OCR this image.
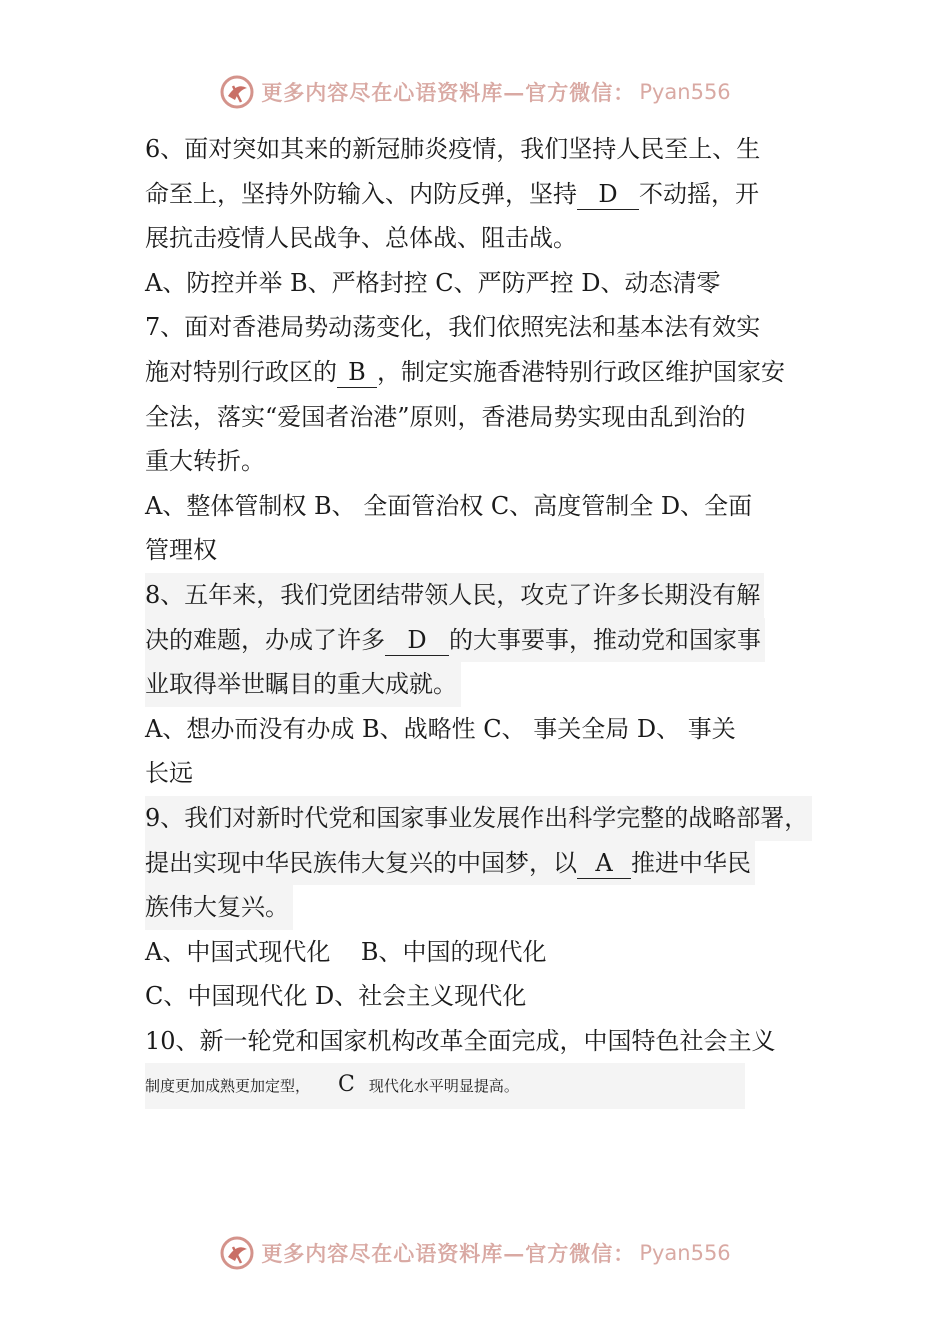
更多内容尽在心语资料库—官方微信： Pyan556
6、面对突如其来的新冠肺炎疫情，我们坚持人民至上、生
命至上，坚持外防输入、内防反弹，坚持 D 不动摇，开
展抗击疫情人民战争、总体战、阻击战。
A、防控并举 B、严格封控 C、严防严控 D、动态清零
7、面对香港局势动荡变化，我们依照宪法和基本法有效实
施对特别行政区的 B ，制定实施香港特别行政区维护国家安
全法，落实“爱国者治港”原则，香港局势实现由乱到治的
重大转折。
A、整体管制权 B、 全面管治权 C、高度管制全 D、全面
管理权
8、五年来，我们党团结带领人民，攻克了许多长期没有解
决的难题，办成了许多 D 的大事要事，推动党和国家事
业取得举世瞩目的重大成就。
A、想办而没有办成 B、战略性 C、 事关全局 D、 事关
长远
9、我们对新时代党和国家事业发展作出科学完整的战略部署，
提出实现中华民族伟大复兴的中国梦，以 A 推进中华民
族伟大复兴。
A、中国式现代化    B、中国的现代化
C、中国现代化 D、社会主义现代化
10、新一轮党和国家机构改革全面完成，中国特色社会主义
制度更加成熟更加定型， C 现代化水平明显提高。
更多内容尽在心语资料库—官方微信： Pyan556
